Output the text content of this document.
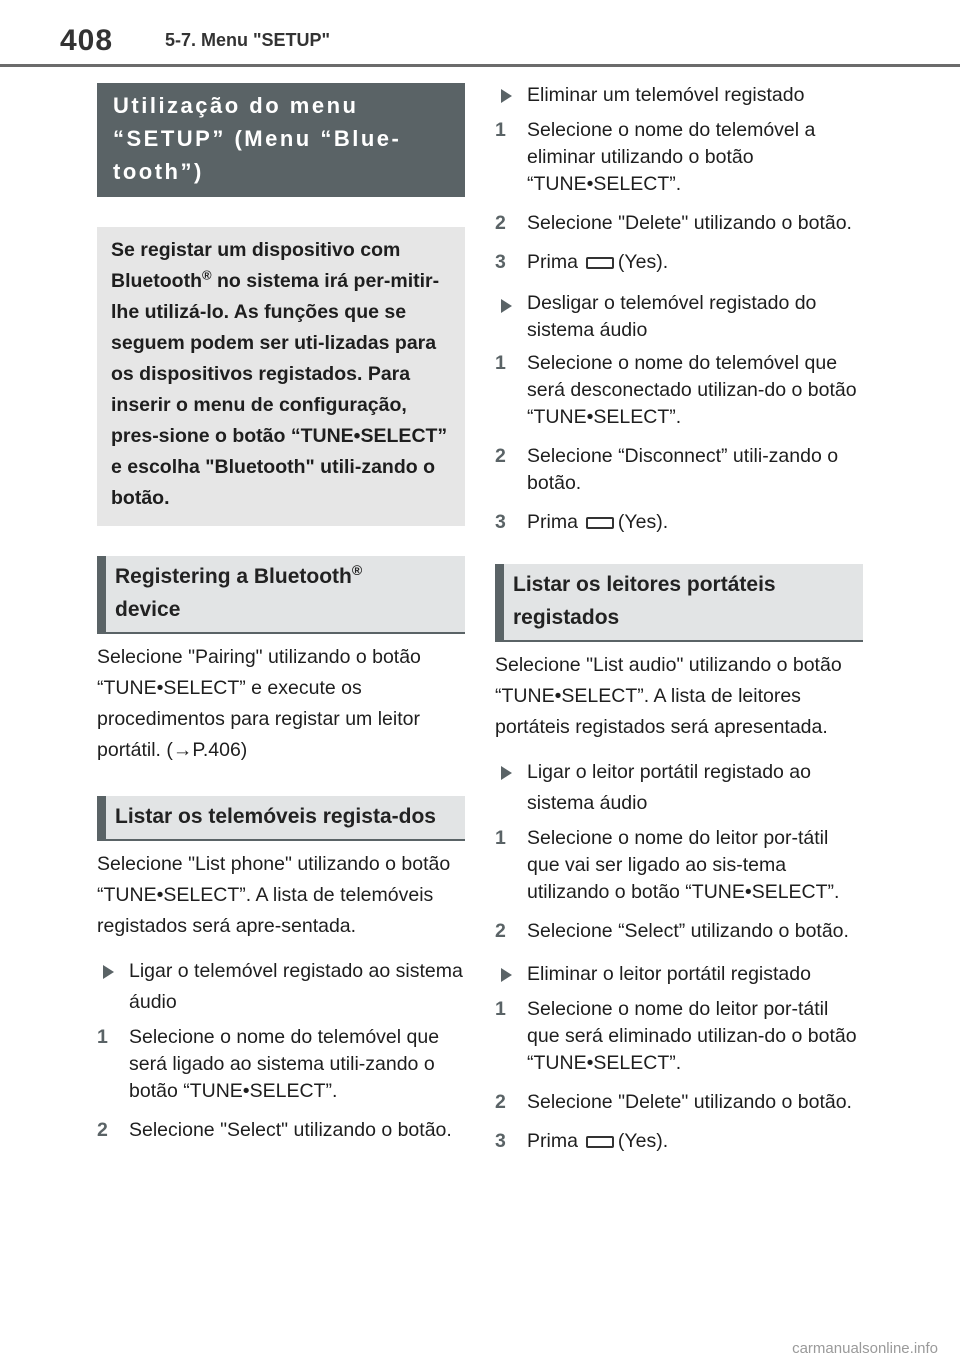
408	5-7. Menu "SETUP"
Utilização do menu “SETUP” (Menu “Blue-tooth”)
Se registar um dispositivo com Bluetooth® no sistema irá per-mitir-lhe utilizá-lo. As funções que se seguem podem ser uti-lizadas para os dispositivos registados. Para inserir o menu de configuração, pres-sione o botão “TUNE•SELECT” e escolha "Bluetooth" utili-zando o botão.
Registering a Bluetooth®
device

Selecione "Pairing" utilizando o botão “TUNE•SELECT” e execute os procedimentos para registar um leitor portátil. (→P.406)

Listar os telemóveis regista-dos

Selecione "List phone" utilizando o botão “TUNE•SELECT”. A lista de telemóveis registados será apre-sentada.

Ligar o telemóvel registado ao sistema áudio
1	Selecione o nome do telemóvel que será ligado ao sistema utili-zando o botão “TUNE•SELECT”.
2	Selecione "Select" utilizando o botão.
Eliminar um telemóvel registado
1	Selecione o nome do telemóvel a eliminar utilizando o botão “TUNE•SELECT”.
2	Selecione "Delete" utilizando o botão.
3	Prima (Yes).
Desligar o telemóvel registado do sistema áudio
1	Selecione o nome do telemóvel que será desconectado utilizan-do o botão “TUNE•SELECT”.
2	Selecione “Disconnect” utili-zando o botão.
3	Prima (Yes).
Listar os leitores portáteis registados

Selecione "List audio" utilizando o botão “TUNE•SELECT”. A lista de leitores portáteis registados será apresentada.

Ligar o leitor portátil registado ao sistema áudio
1	Selecione o nome do leitor por-tátil que vai ser ligado ao sis-tema utilizando o botão “TUNE•SELECT”.
2	Selecione “Select” utilizando o botão.
Eliminar o leitor portátil registado
1	Selecione o nome do leitor por-tátil que será eliminado utilizan-do o botão “TUNE•SELECT”.
2	Selecione "Delete" utilizando o botão.
3	Prima (Yes).
carmanualsonline.info
